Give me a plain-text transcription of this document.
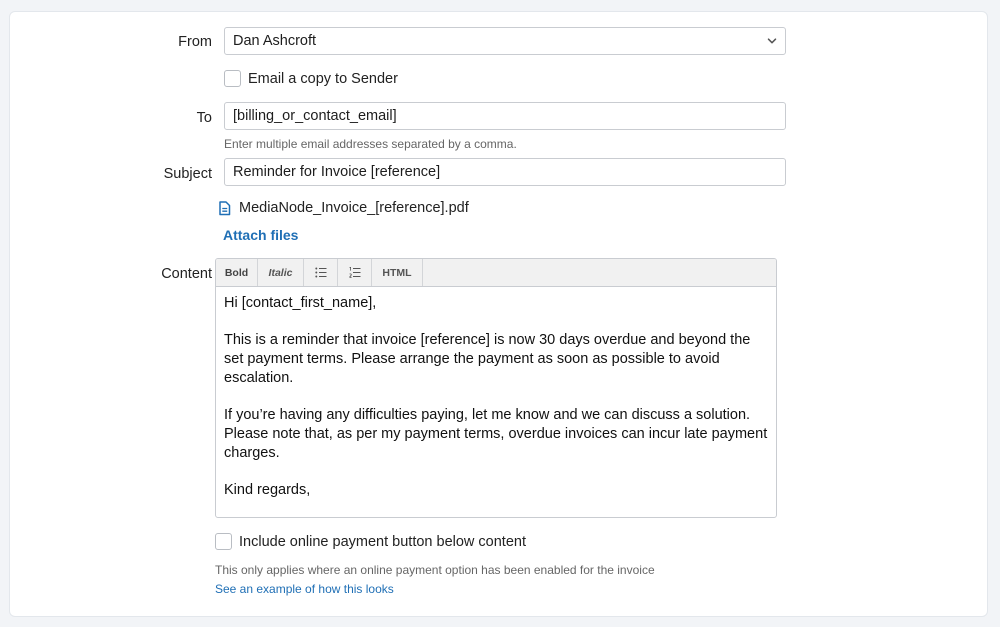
From	Dan Ashcroft
Email a copy to Sender
To	[billing_or_contact_email]
Enter multiple email addresses separated by a comma.
Subject	Reminder for Invoice [reference]
MediaNode_Invoice_[reference].pdf
Attach files
Content	Bold	Italic	HTML

Hi [contact_first_name],

This is a reminder that invoice [reference] is now 30 days overdue and beyond the set payment terms. Please arrange the payment as soon as possible to avoid escalation.

If you’re having any difficulties paying, let me know and we can discuss a solution. Please note that, as per my payment terms, overdue invoices can incur late payment charges.

Kind regards,

Include online payment button below content
This only applies where an online payment option has been enabled for the invoice
See an example of how this looks
